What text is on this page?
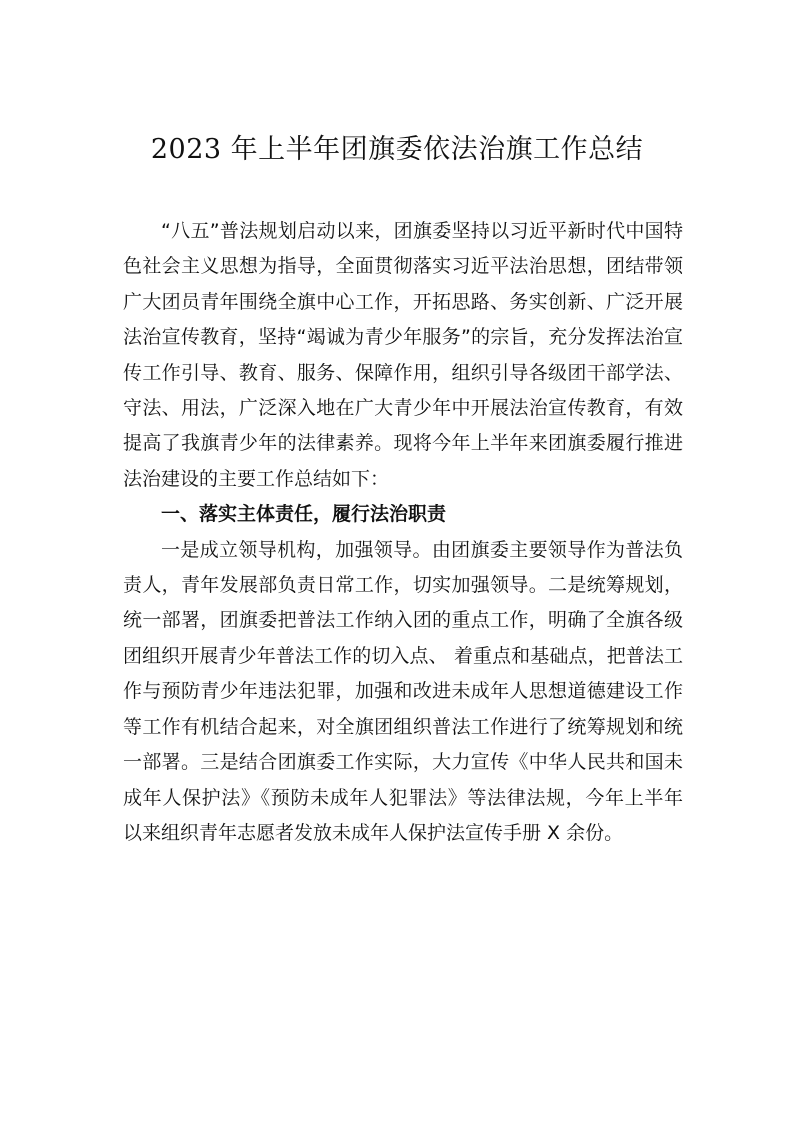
2023 年上半年团旗委依法治旗工作总结

“八五”普法规划启动以来，团旗委坚持以习近平新时代中国特色社会主义思想为指导，全面贯彻落实习近平法治思想，团结带领广大团员青年围绕全旗中心工作，开拓思路、务实创新、广泛开展法治宣传教育，坚持“竭诚为青少年服务”的宗旨，充分发挥法治宣传工作引导、教育、服务、保障作用，组织引导各级团干部学法、守法、用法，广泛深入地在广大青少年中开展法治宣传教育，有效提高了我旗青少年的法律素养。现将今年上半年来团旗委履行推进法治建设的主要工作总结如下：

一、落实主体责任，履行法治职责

一是成立领导机构，加强领导。由团旗委主要领导作为普法负责人，青年发展部负责日常工作，切实加强领导。二是统筹规划，统一部署，团旗委把普法工作纳入团的重点工作，明确了全旗各级团组织开展青少年普法工作的切入点、 着重点和基础点，把普法工作与预防青少年违法犯罪，加强和改进未成年人思想道德建设工作等工作有机结合起来，对全旗团组织普法工作进行了统筹规划和统一部署。三是结合团旗委工作实际，大力宣传《中华人民共和国未成年人保护法》《预防未成年人犯罪法》等法律法规，今年上半年以来组织青年志愿者发放未成年人保护法宣传手册 X 余份。
